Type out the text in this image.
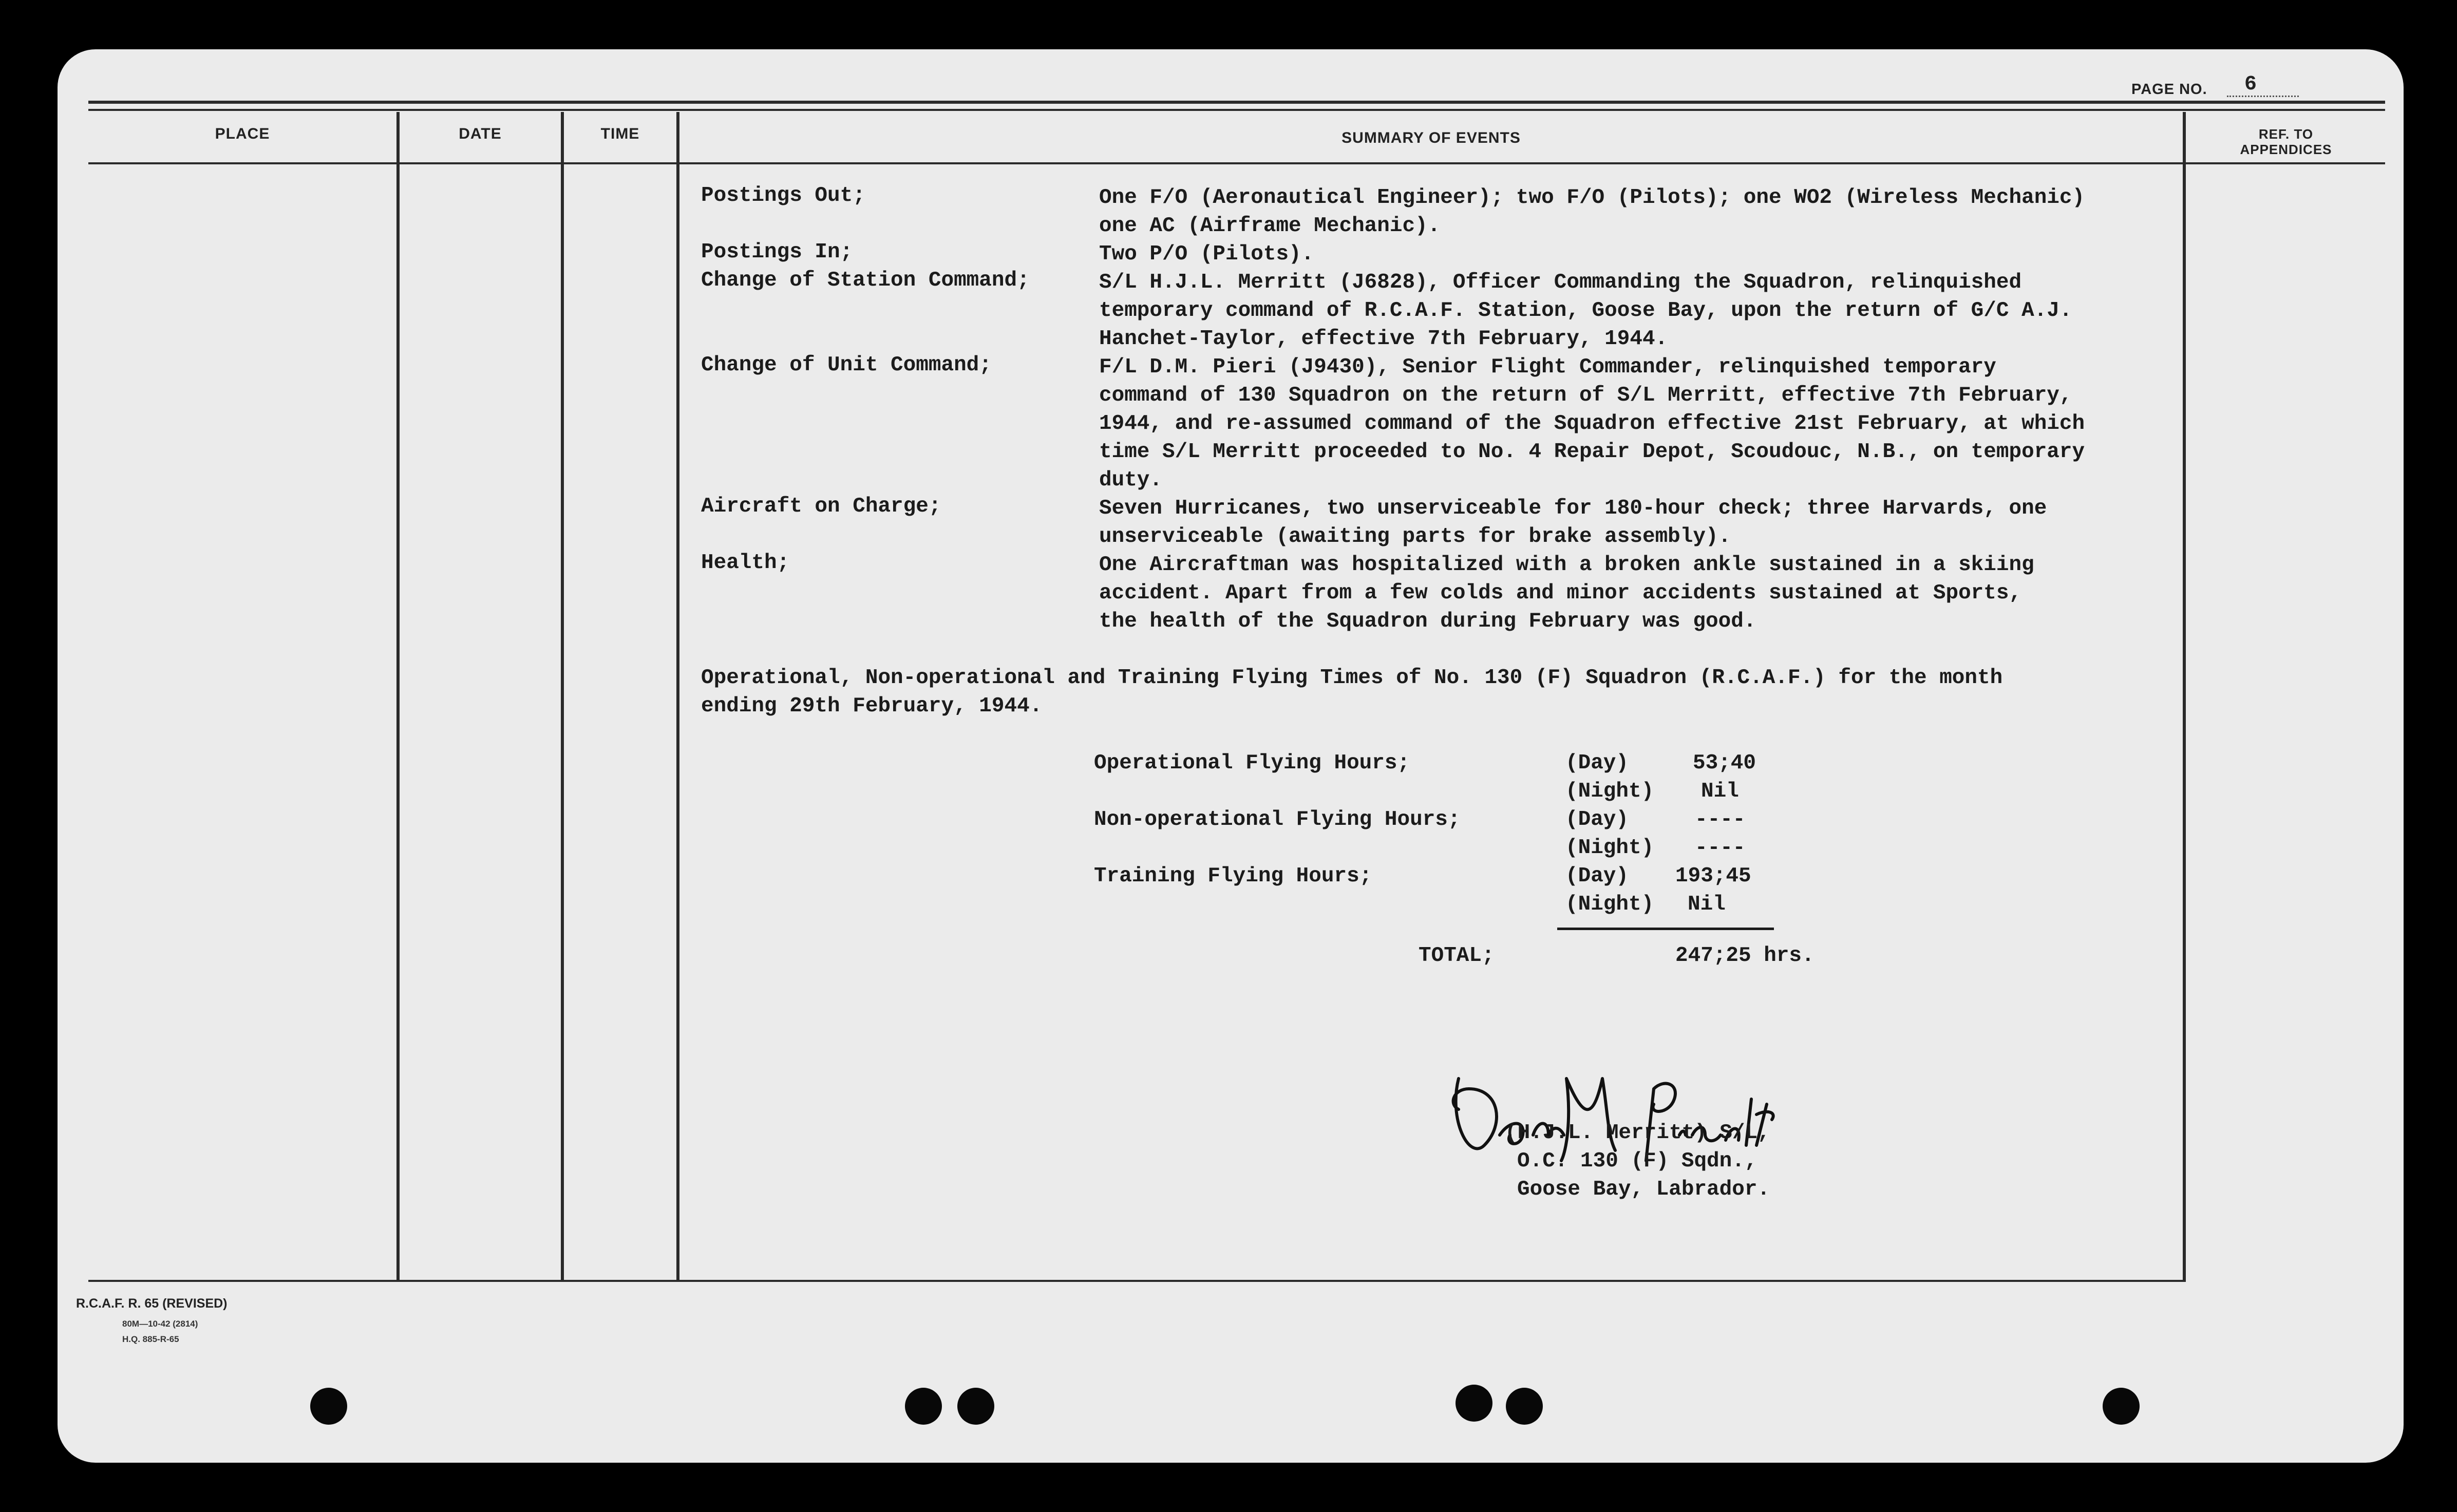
PAGE NO. 6
PLACE	DATE	TIME	SUMMARY OF EVENTS	REF. TO
APPENDICES
Postings Out;	One F/O (Aeronautical Engineer); two F/O (Pilots); one WO2 (Wireless Mechanic)
one AC (Airframe Mechanic).
Postings In;	Two P/O (Pilots).
Change of Station Command;	S/L H.J.L. Merritt (J6828), Officer Commanding the Squadron, relinquished
temporary command of R.C.A.F. Station, Goose Bay, upon the return of G/C A.J.
Hanchet-Taylor, effective 7th February, 1944.
Change of Unit Command;	F/L D.M. Pieri (J9430), Senior Flight Commander, relinquished temporary
command of 130 Squadron on the return of S/L Merritt, effective 7th February,
1944, and re-assumed command of the Squadron effective 21st February, at which
time S/L Merritt proceeded to No. 4 Repair Depot, Scoudouc, N.B., on temporary
duty.
Aircraft on Charge;	Seven Hurricanes, two unserviceable for 180-hour check; three Harvards, one
unserviceable (awaiting parts for brake assembly).
Health;	One Aircraftman was hospitalized with a broken ankle sustained in a skiing
accident. Apart from a few colds and minor accidents sustained at Sports,
the health of the Squadron during February was good.
Operational, Non-operational and Training Flying Times of No. 130 (F) Squadron (R.C.A.F.) for the month
ending 29th February, 1944.
Operational Flying Hours;	(Day)	53;40
(Night) Nil
Non-operational Flying Hours;	(Day)	----
(Night) ----
Training Flying Hours;	(Day) 193;45
(Night) Nil
TOTAL;	247;25 hrs.
(H.J.L. Merritt) S/L,
O.C. 130 (F) Sqdn.,
Goose Bay, Labrador.
R.C.A.F. R. 65 (REVISED)
80M—10-42 (2814)
H.Q. 885-R-65
